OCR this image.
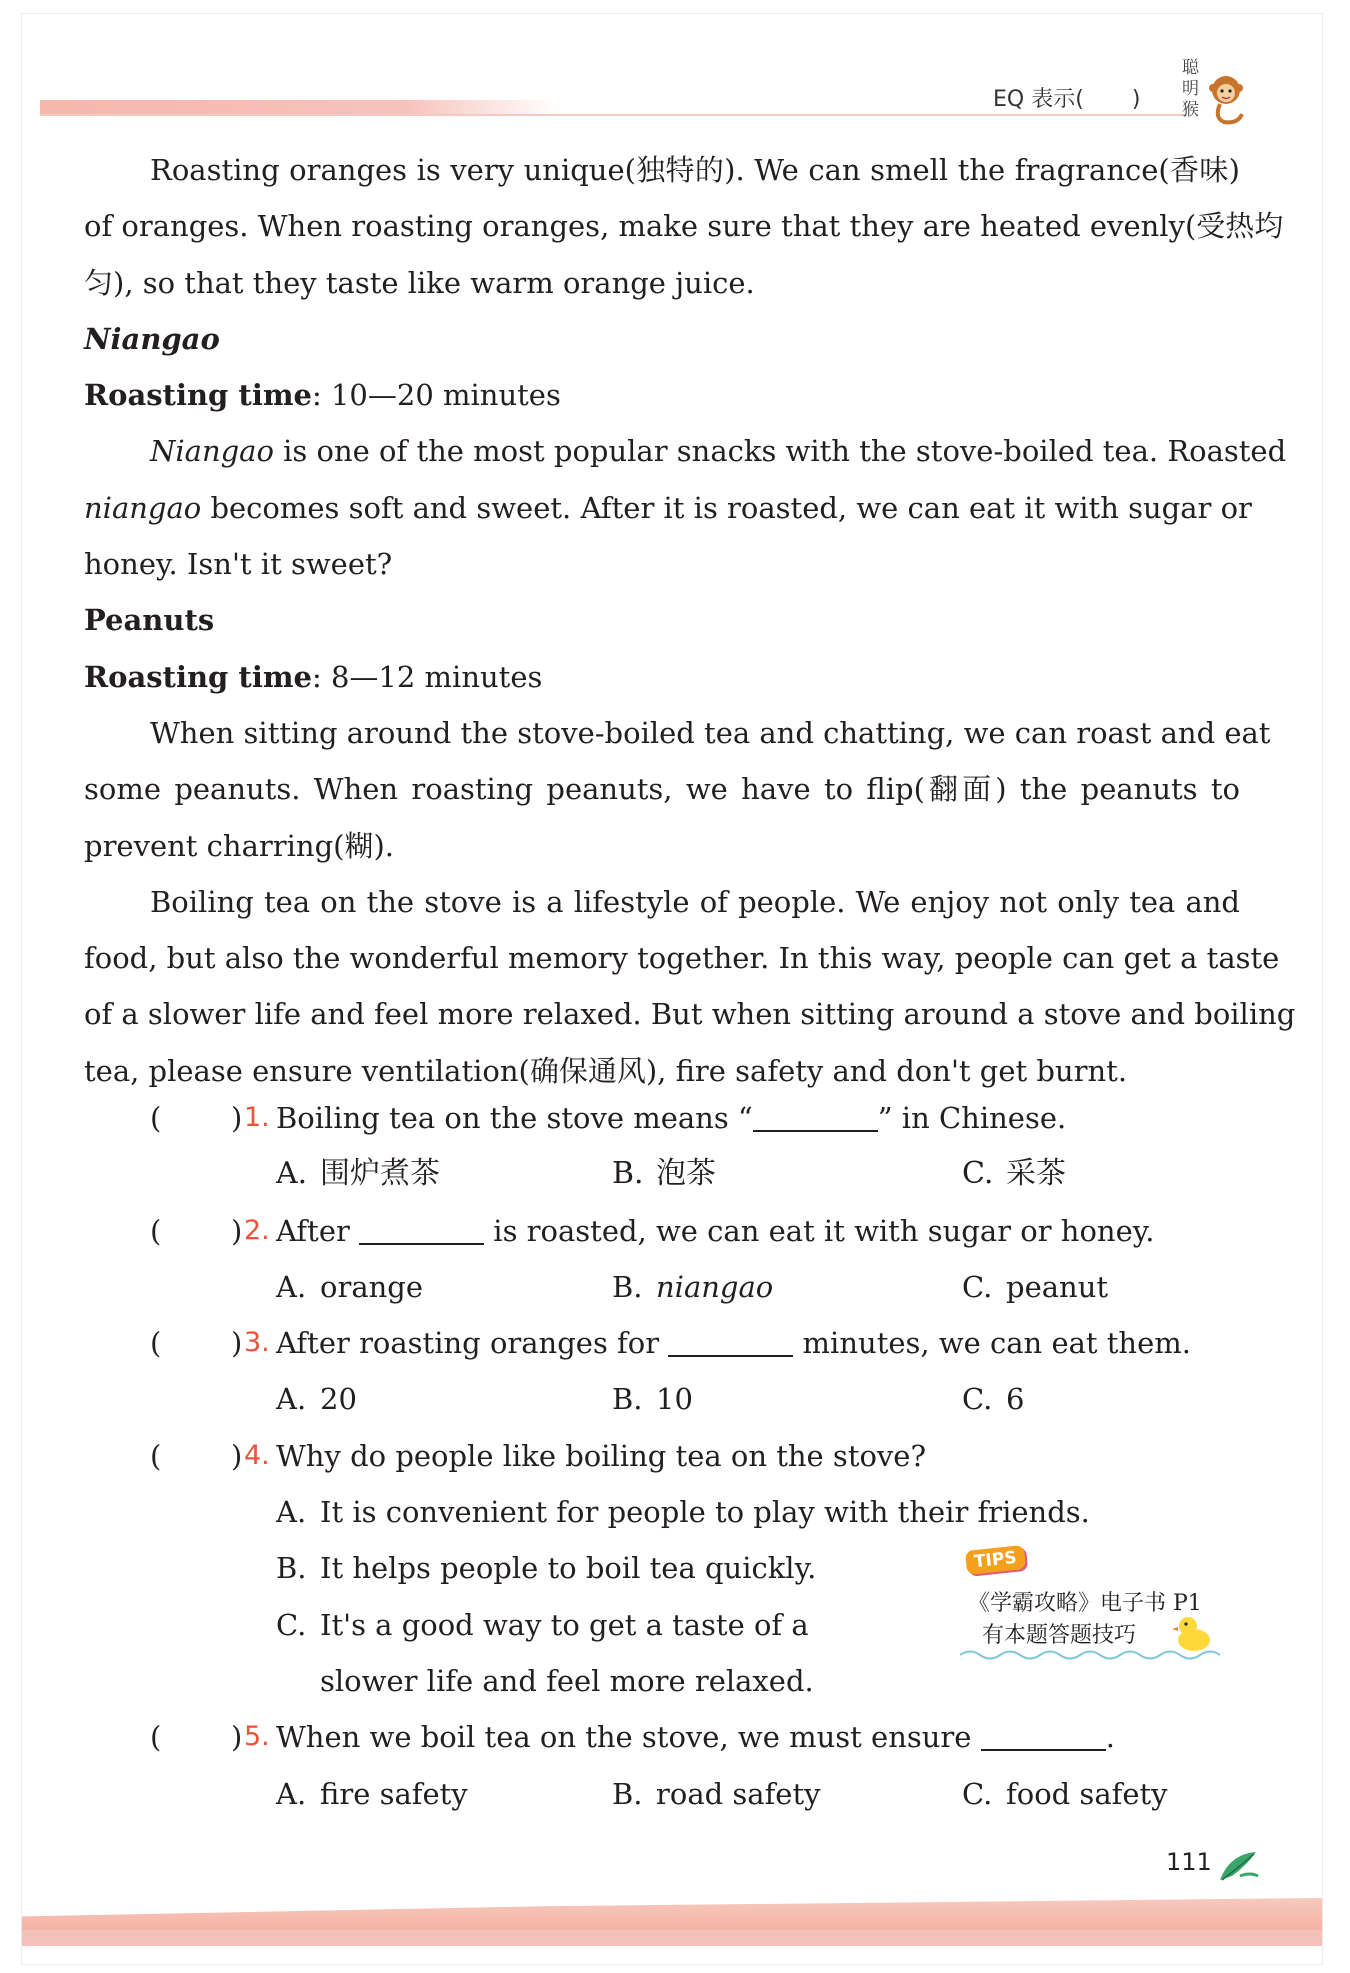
EQ 表示( )
聪明猴
Roasting oranges is very unique(独特的). We can smell the fragrance(香味)
of oranges. When roasting oranges, make sure that they are heated evenly(受热均
匀), so that they taste like warm orange juice.
Niangao
Roasting time: 10—20 minutes
Niangao is one of the most popular snacks with the stove-boiled tea. Roasted
niangao becomes soft and sweet. After it is roasted, we can eat it with sugar or
honey. Isn't it sweet?
Peanuts
Roasting time: 8—12 minutes
When sitting around the stove-boiled tea and chatting, we can roast and eat
some peanuts. When roasting peanuts, we have to flip(翻面) the peanuts to
prevent charring(糊).
Boiling tea on the stove is a lifestyle of people. We enjoy not only tea and
food, but also the wonderful memory together. In this way, people can get a taste
of a slower life and feel more relaxed. But when sitting around a stove and boiling
tea, please ensure ventilation(确保通风), fire safety and don't get burnt.
( ) 1. Boiling tea on the stove means “	” in Chinese.
A. 围炉煮茶	B. 泡茶	C. 采茶
( ) 2. After	is roasted, we can eat it with sugar or honey.
A. orange	B. niangao	C. peanut
( ) 3. After roasting oranges for	minutes, we can eat them.
A. 20	B. 10	C. 6
( ) 4. Why do people like boiling tea on the stove?
A. It is convenient for people to play with their friends.
B. It helps people to boil tea quickly.
C. It's a good way to get a taste of a
slower life and feel more relaxed.
( ) 5. When we boil tea on the stove, we must ensure	.
A. fire safety	B. road safety	C. food safety
TIPS
《学霸攻略》电子书 P1
有本题答题技巧
111
